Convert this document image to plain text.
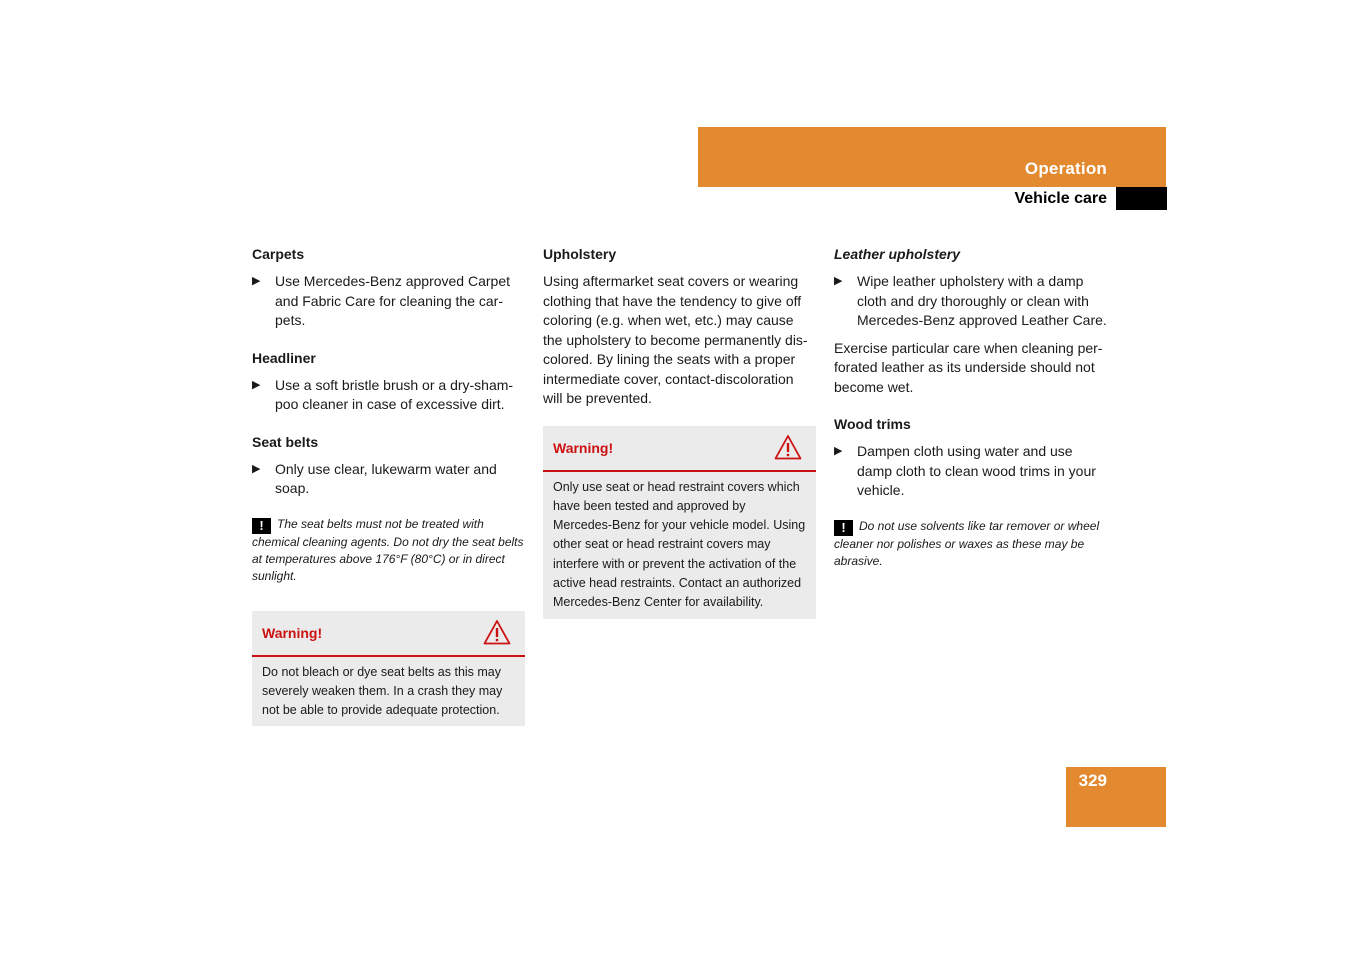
Operation
Vehicle care
Carpets
▶ Use Mercedes-Benz approved Carpet and Fabric Care for cleaning the car-pets.
Headliner
▶ Use a soft bristle brush or a dry-sham-poo cleaner in case of excessive dirt.
Seat belts
▶ Only use clear, lukewarm water and soap.

! The seat belts must not be treated with chemical cleaning agents. Do not dry the seat belts at temperatures above 176°F (80°C) or in direct sunlight.

Warning!
Do not bleach or dye seat belts as this may severely weaken them. In a crash they may not be able to provide adequate protection.
Upholstery

Using aftermarket seat covers or wearing clothing that have the tendency to give off coloring (e.g. when wet, etc.) may cause the upholstery to become permanently dis-colored. By lining the seats with a proper intermediate cover, contact-discoloration will be prevented.

Warning!
Only use seat or head restraint covers which have been tested and approved by Mercedes-Benz for your vehicle model. Using other seat or head restraint covers may interfere with or prevent the activation of the active head restraints. Contact an authorized Mercedes-Benz Center for availability.
Leather upholstery
▶ Wipe leather upholstery with a damp cloth and dry thoroughly or clean with Mercedes-Benz approved Leather Care.

Exercise particular care when cleaning per-forated leather as its underside should not become wet.

Wood trims
▶ Dampen cloth using water and use damp cloth to clean wood trims in your vehicle.

! Do not use solvents like tar remover or wheel cleaner nor polishes or waxes as these may be abrasive.

329
